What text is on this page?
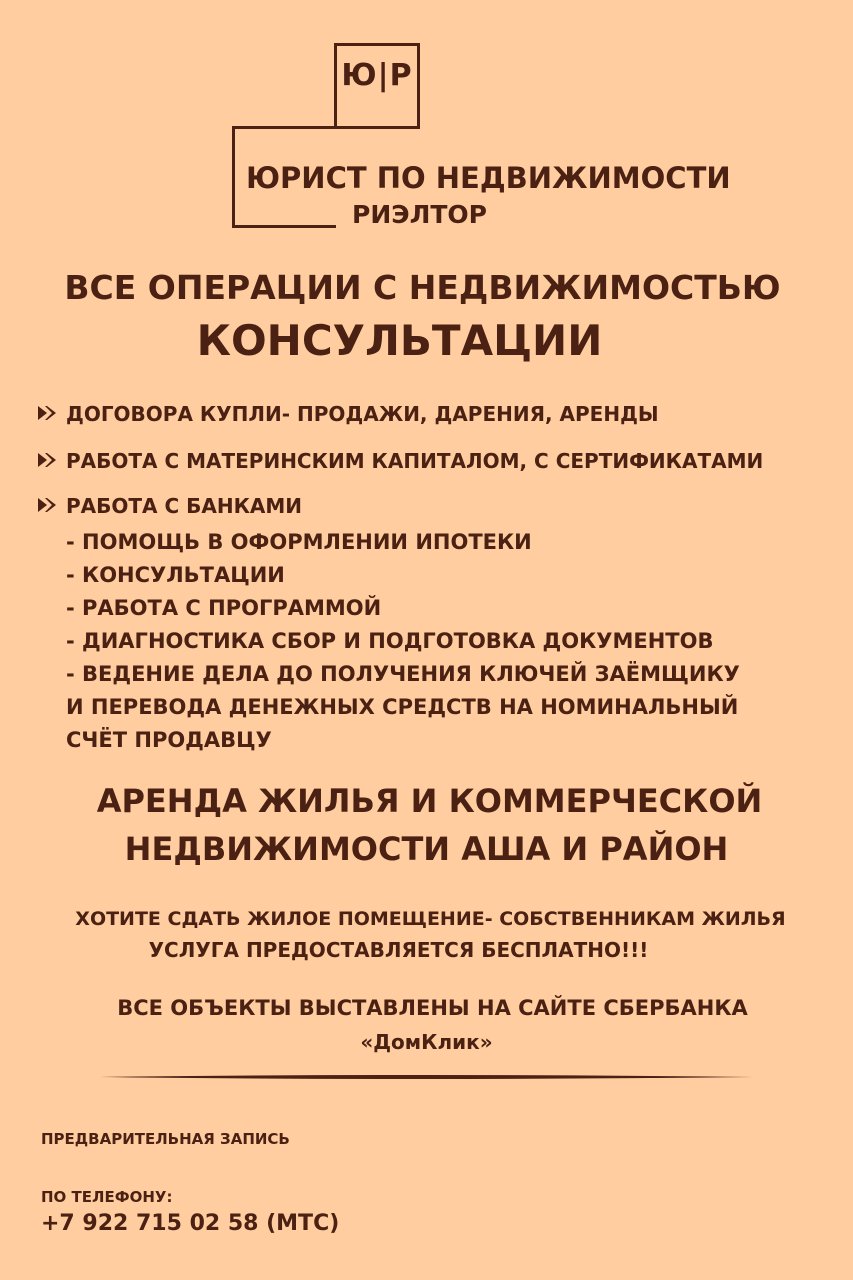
Ю|Р
ЮРИСТ ПО НЕДВИЖИМОСТИ
РИЭЛТОР
ВСЕ ОПЕРАЦИИ С НЕДВИЖИМОСТЬЮ
КОНСУЛЬТАЦИИ
ДОГОВОРА КУПЛИ- ПРОДАЖИ, ДАРЕНИЯ, АРЕНДЫ
РАБОТА С МАТЕРИНСКИМ КАПИТАЛОМ, С СЕРТИФИКАТАМИ
РАБОТА С БАНКАМИ
- ПОМОЩЬ В ОФОРМЛЕНИИ ИПОТЕКИ
- КОНСУЛЬТАЦИИ
- РАБОТА С ПРОГРАММОЙ
- ДИАГНОСТИКА СБОР И ПОДГОТОВКА ДОКУМЕНТОВ
- ВЕДЕНИЕ ДЕЛА ДО ПОЛУЧЕНИЯ КЛЮЧЕЙ ЗАЁМЩИКУ
И ПЕРЕВОДА ДЕНЕЖНЫХ СРЕДСТВ НА НОМИНАЛЬНЫЙ
СЧЁТ ПРОДАВЦУ
АРЕНДА ЖИЛЬЯ И КОММЕРЧЕСКОЙ
НЕДВИЖИМОСТИ АША И РАЙОН
ХОТИТЕ СДАТЬ ЖИЛОЕ ПОМЕЩЕНИЕ- СОБСТВЕННИКАМ ЖИЛЬЯ
УСЛУГА ПРЕДОСТАВЛЯЕТСЯ БЕСПЛАТНО!!!
ВСЕ ОБЪЕКТЫ ВЫСТАВЛЕНЫ НА САЙТЕ СБЕРБАНКА
«ДомКлик»
ПРЕДВАРИТЕЛЬНАЯ ЗАПИСЬ
ПО ТЕЛЕФОНУ:
+7 922 715 02 58 (МТС)
